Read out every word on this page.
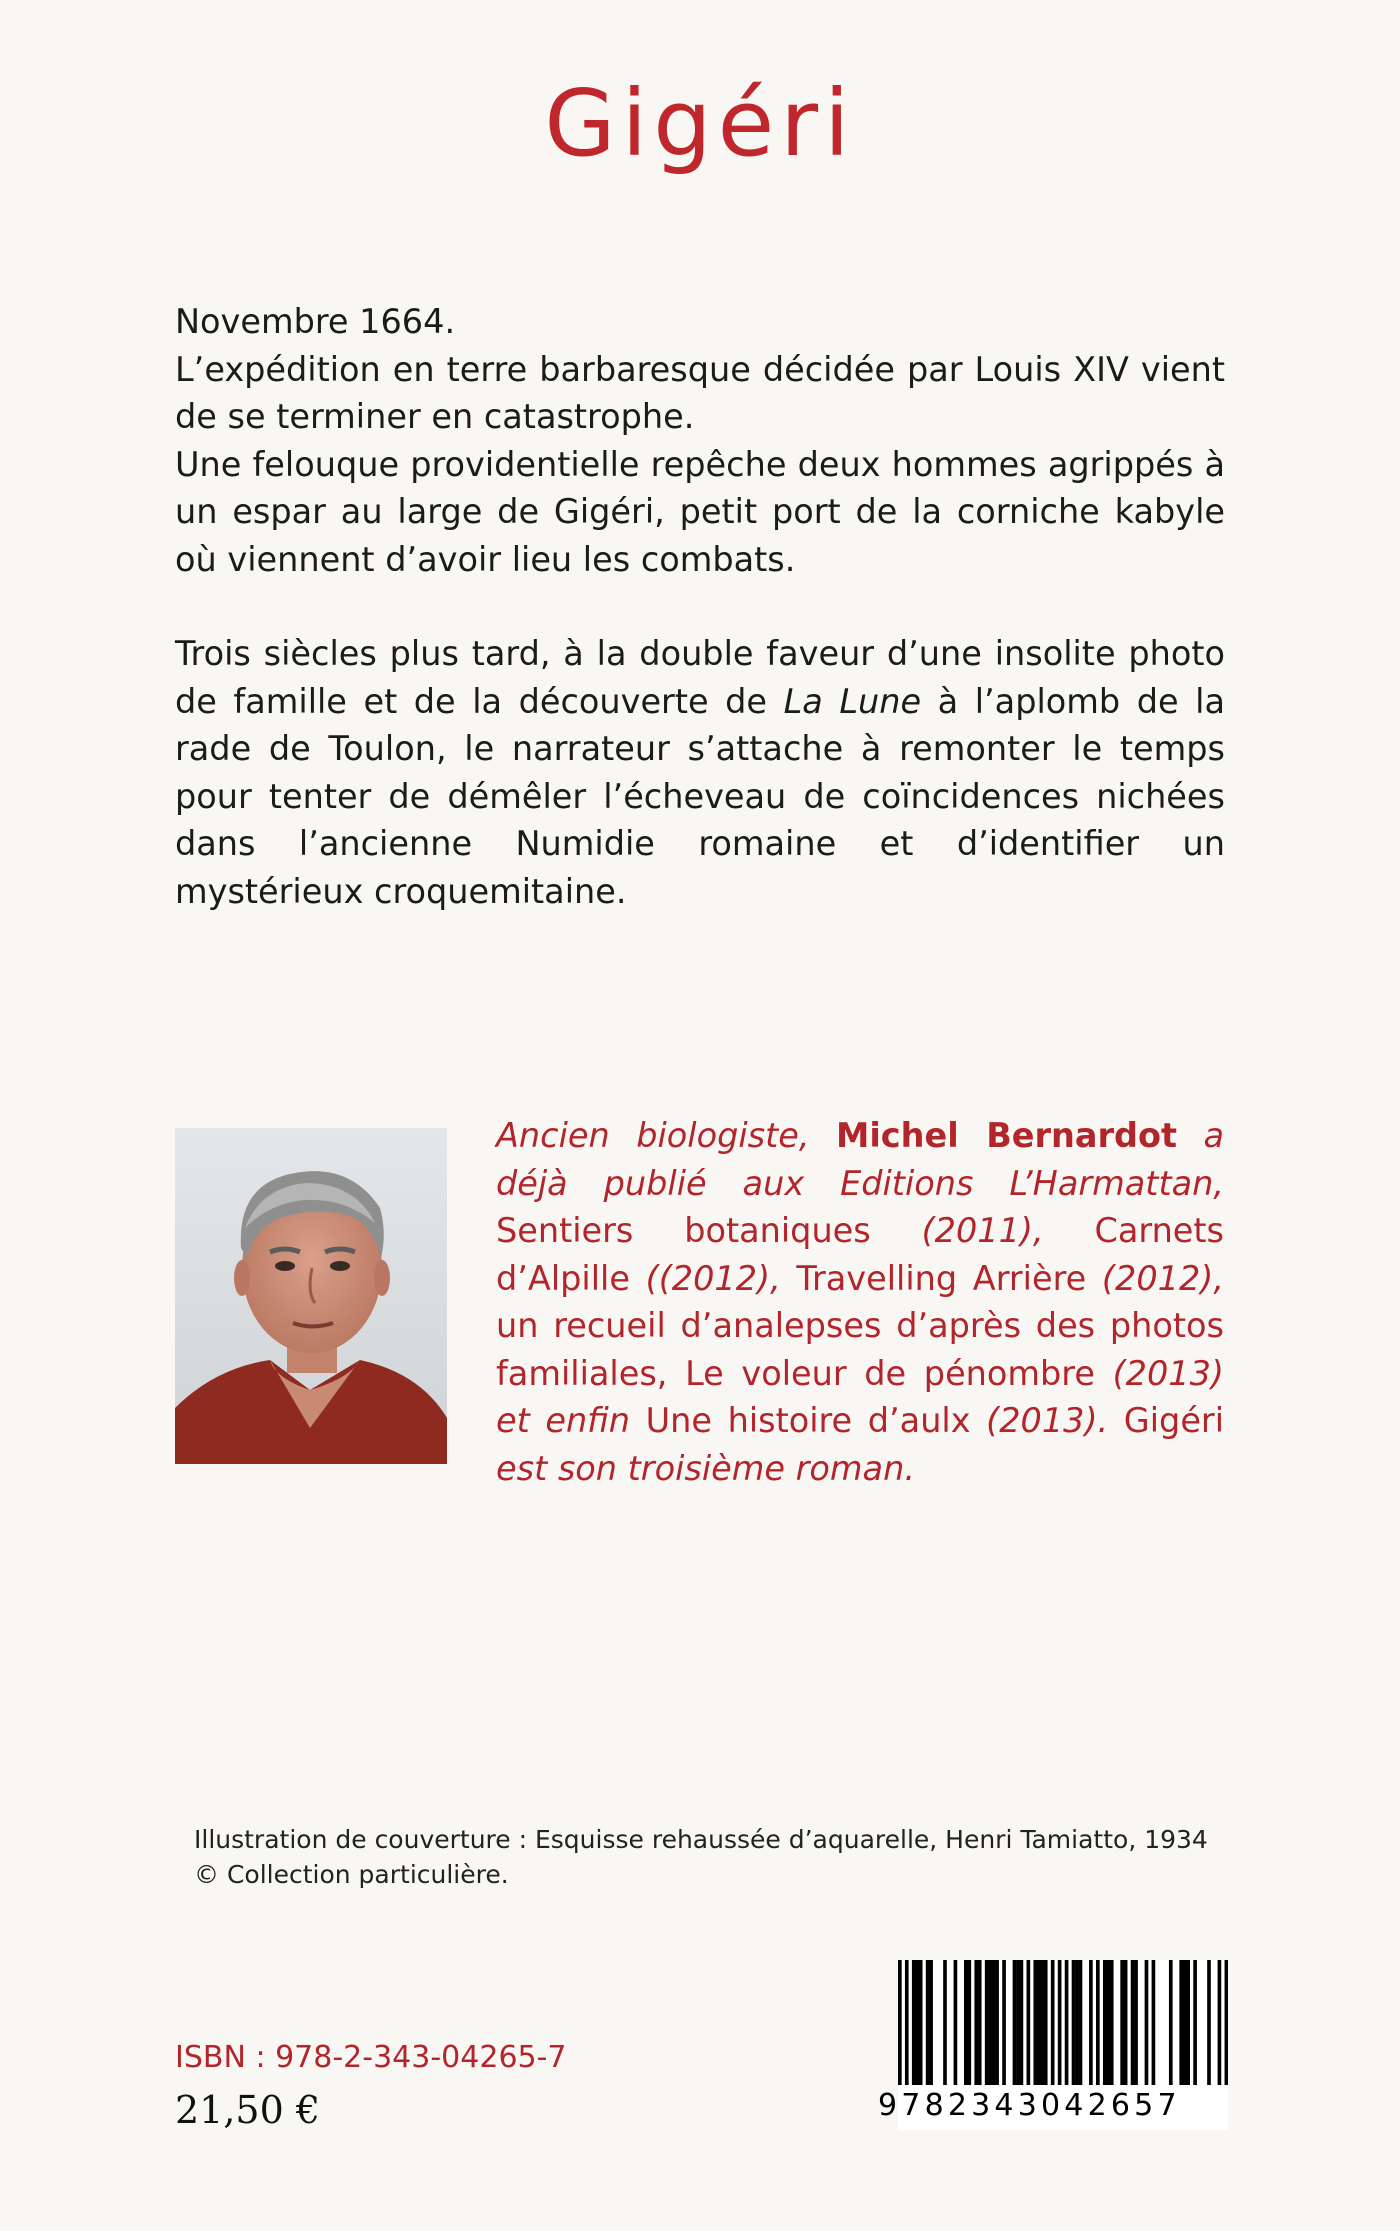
Gigéri

Novembre 1664.

L’expédition en terre barbaresque décidée par Louis XIV vient de se terminer en catastrophe.

Une felouque providentielle repêche deux hommes agrippés à un espar au large de Gigéri, petit port de la corniche kabyle où viennent d’avoir lieu les combats.

Trois siècles plus tard, à la double faveur d’une insolite photo de famille et de la découverte de La Lune à l’aplomb de la rade de Toulon, le narrateur s’attache à remonter le temps pour tenter de démêler l’écheveau de coïncidences nichées dans l’ancienne Numidie romaine et d’identifier un mystérieux croquemitaine.

Ancien biologiste, Michel Bernardot a déjà publié aux Editions L’Harmattan, Sentiers botaniques (2011), Carnets d’Alpille ((2012), Travelling Arrière (2012), un recueil d’analepses d’après des photos familiales, Le voleur de pénombre (2013) et enfin Une histoire d’aulx (2013). Gigéri est son troisième roman.

Illustration de couverture : Esquisse rehaussée d’aquarelle, Henri Tamiatto, 1934
© Collection particulière.
ISBN : 978-2-343-04265-7
21,50 €	9782343042657
